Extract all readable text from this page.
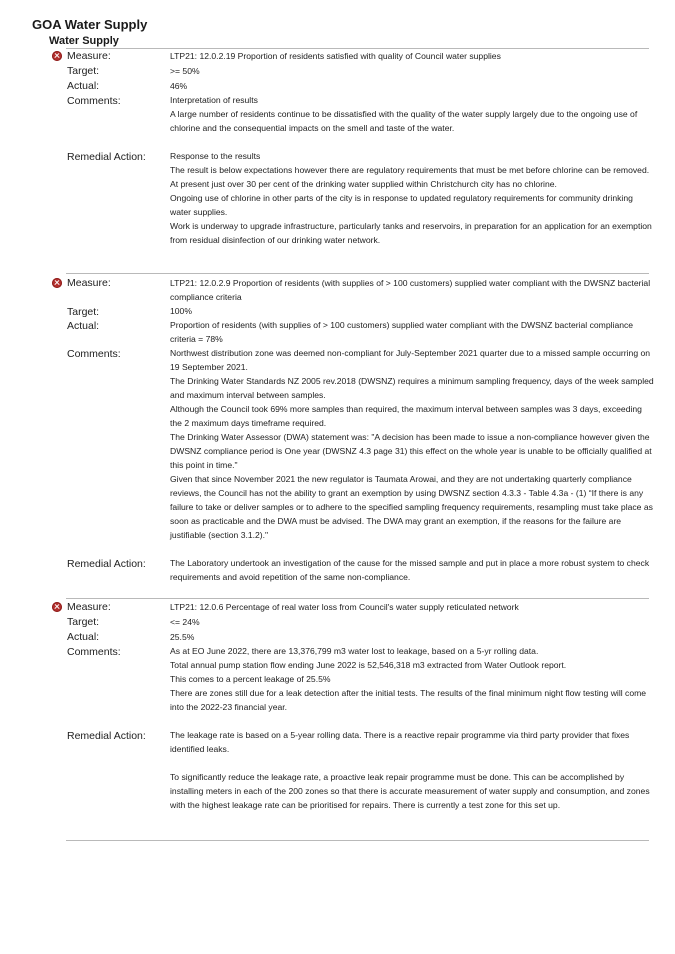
GOA Water Supply
Water Supply
Measure:
Target:
Actual:
Comments:
Remedial Action:
LTP21: 12.0.2.19 Proportion of residents satisfied with quality of Council water supplies
>= 50%
46%

Interpretation of results

A large number of residents continue to be dissatisfied with the quality of the water supply largely due to the ongoing use of chlorine and the consequential impacts on the smell and taste of the water.

Response to the results

The result is below expectations however there are regulatory requirements that must be met before chlorine can be removed.

At present just over 30 per cent of the drinking water supplied within Christchurch city has no chlorine.

Ongoing use of chlorine in other parts of the city is in response to updated regulatory requirements for community drinking water supplies.

Work is underway to upgrade infrastructure, particularly tanks and reservoirs, in preparation for an application for an exemption from residual disinfection of our drinking water network.

Measure:
Target:
Actual:
Comments:
Remedial Action:
LTP21: 12.0.2.9 Proportion of residents (with supplies of > 100 customers) supplied water compliant with the DWSNZ bacterial compliance criteria
100%
Proportion of residents (with supplies of > 100 customers) supplied water compliant with the DWSNZ bacterial compliance criteria = 78%

Northwest distribution zone was deemed non-compliant for July-September 2021 quarter due to a missed sample occurring on 19 September 2021.

The Drinking Water Standards NZ 2005 rev.2018 (DWSNZ) requires a minimum sampling frequency, days of the week sampled and maximum interval between samples.

Although the Council took 69% more samples than required, the maximum interval between samples was 3 days, exceeding the 2 maximum days timeframe required.

The Drinking Water Assessor (DWA) statement was: "A decision has been made to issue a non-compliance however given the DWSNZ compliance period is One year (DWSNZ 4.3 page 31) this effect on the whole year is unable to be officially qualified at this point in time."

Given that since November 2021 the new regulator is Taumata Arowai, and they are not undertaking quarterly compliance reviews, the Council has not the ability to grant an exemption by using DWSNZ section 4.3.3 - Table 4.3a - (1) “If there is any failure to take or deliver samples or to adhere to the specified sampling frequency requirements, resampling must take place as soon as practicable and the DWA must be advised. The DWA may grant an exemption, if the reasons for the failure are justifiable (section 3.1.2)."

The Laboratory undertook an investigation of the cause for the missed sample and put in place a more robust system to check requirements and avoid repetition of the same non-compliance.

Measure:
Target:
Actual:
Comments:
Remedial Action:
LTP21: 12.0.6 Percentage of real water loss from Council's water supply reticulated network
<= 24%
25.5%

As at EO June 2022, there are 13,376,799 m3 water lost to leakage, based on a 5-yr rolling data.

Total annual pump station flow ending June 2022 is 52,546,318 m3 extracted from Water Outlook report.

This comes to a percent leakage of 25.5%

There are zones still due for a leak detection after the initial tests. The results of the final minimum night flow testing will come into the 2022-23 financial year.

The leakage rate is based on a 5-year rolling data. There is a reactive repair programme via third party provider that fixes identified leaks.

To significantly reduce the leakage rate, a proactive leak repair programme must be done. This can be accomplished by installing meters in each of the 200 zones so that there is accurate measurement of water supply and consumption, and zones with the highest leakage rate can be prioritised for repairs. There is currently a test zone for this set up.
